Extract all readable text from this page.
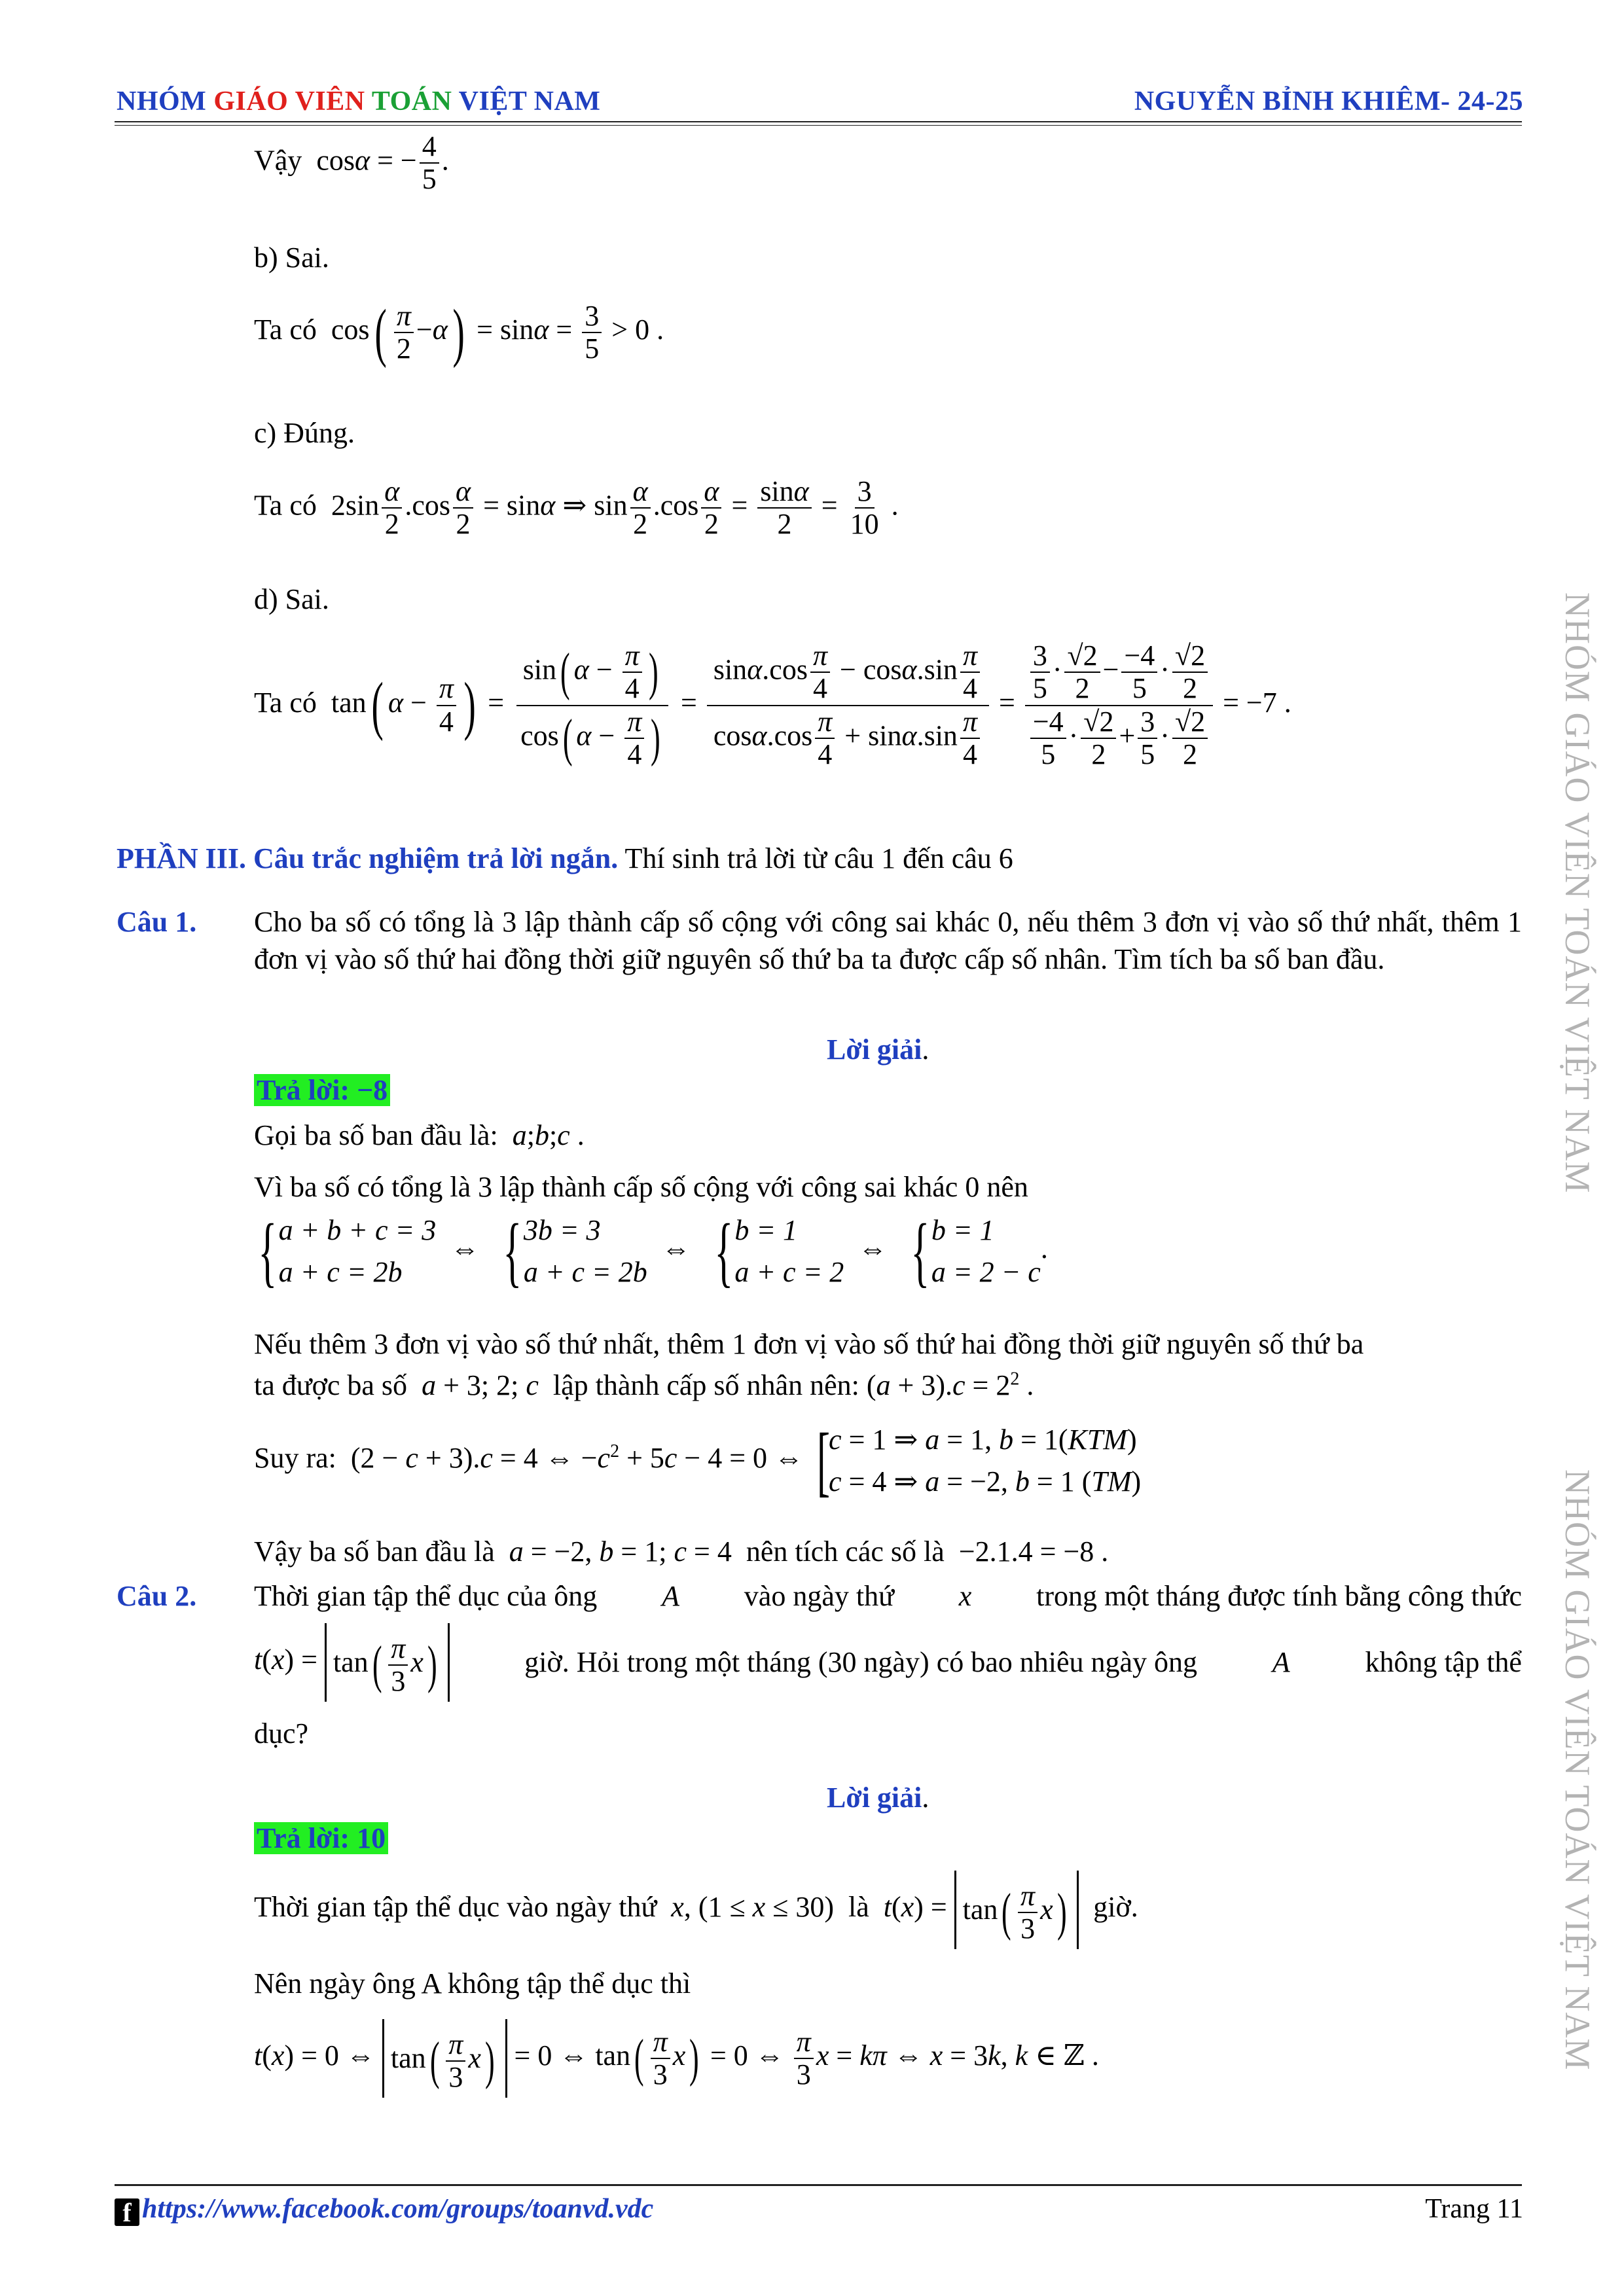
NHÓM GIÁO VIÊN TOÁN VIỆT NAM	NGUYỄN BỈNH KHIÊM- 24-25
NHÓM GIÁO VIÊN TOÁN VIỆT NAM
NHÓM GIÁO VIÊN TOÁN VIỆT NAM
Vậy  cosα = − $\frac{4}{5}$ .
b) Sai.
Ta có  $\cos( \frac{\pi}{2} -\alpha) = \sin\alpha = \frac{3}{5} > 0$ .
c) Đúng.
Ta có  $2\sin \frac{\alpha}{2} .\cos \frac{\alpha}{2} = \sin\alpha$ ⇒ $\sin \frac{\alpha}{2} .\cos \frac{\alpha}{2} = \frac{\sin\alpha}{2} = \frac{3}{10}$ .
d) Sai.
Ta có  tan( $\alpha - \frac{\pi}{4}$ ) = $\frac{\sin( \alpha - \frac{\pi}{4} )}{\cos( \alpha - \frac{\pi}{4} )} = \frac{\sin\alpha.\cos \frac{\pi}{4} - \cos\alpha.\sin \frac{\pi}{4}}{\cos\alpha.\cos \frac{\pi}{4} + \sin\alpha.\sin \frac{\pi}{4}} = \frac{\frac{3}{5} \cdot \frac{√2}{2} - \frac{-4}{5} \cdot \frac{√2}{2}}{\frac{-4}{5} \cdot \frac{√2}{2} + \frac{3}{5} \cdot \frac{√2}{2}} = -7$ .
PHẦN III. Câu trắc nghiệm trả lời ngắn. Thí sinh trả lời từ câu 1 đến câu 6
Câu 1. Cho ba số có tổng là 3 lập thành cấp số cộng với công sai khác 0, nếu thêm 3 đơn vị vào số thứ nhất, thêm 1 đơn vị vào số thứ hai đồng thời giữ nguyên số thứ ba ta được cấp số nhân. Tìm tích ba số ban đầu.
Lời giải.
Trả lời: −8
Gọi ba số ban đầu là: a;b;c .
Vì ba số có tổng là 3 lập thành cấp số cộng với công sai khác 0 nên
{ a + b + c = 3
a + c = 2b
⇔ { 3b = 3
a + c = 2b
⇔ { b = 1
a + c = 2
⇔ { b = 1
a = 2 − c
.
Nếu thêm 3 đơn vị vào số thứ nhất, thêm 1 đơn vị vào số thứ hai đồng thời giữ nguyên số thứ ba
ta được ba số a + 3; 2; c lập thành cấp số nhân nên: $(a + 3).c = 2^2$ .
Suy ra:  (2 − c + 3).c = 4 ⇔ $-c^2 + 5c - 4 = 0$ ⇔ [
c = 1 ⇒ a = 1, b = 1(KTM)
c = 4 ⇒ a = −2, b = 1 (TM)
Vậy ba số ban đầu là a = −2, b = 1; c = 4  nên tích các số là  −2.1.4 = −8 .
Câu 2. Thời gian tập thể dục của ông A vào ngày thứ x trong một tháng được tính bằng công thức
$t(x) = \tan( \frac{\pi}{3} x)$	giờ. Hỏi trong một tháng (30 ngày) có bao nhiêu ngày ông	A	không tập thể
dục?
Lời giải.
Trả lời: 10
Thời gian tập thể dục vào ngày thứ x, (1 ≤ x ≤ 30)  là $t(x) = \tan( \frac{\pi}{3} x)$ giờ.
Nên ngày ông A không tập thể dục thì
t(x) = 0 ⇔ $\tan( \frac{\pi}{3} x) = 0$ ⇔ $\tan( \frac{\pi}{3} x) = 0$ ⇔ $\frac{\pi}{3}$ x = kπ ⇔ x = 3k, k ∈ ℤ .
f https://www.facebook.com/groups/toanvd.vdc	Trang 11
